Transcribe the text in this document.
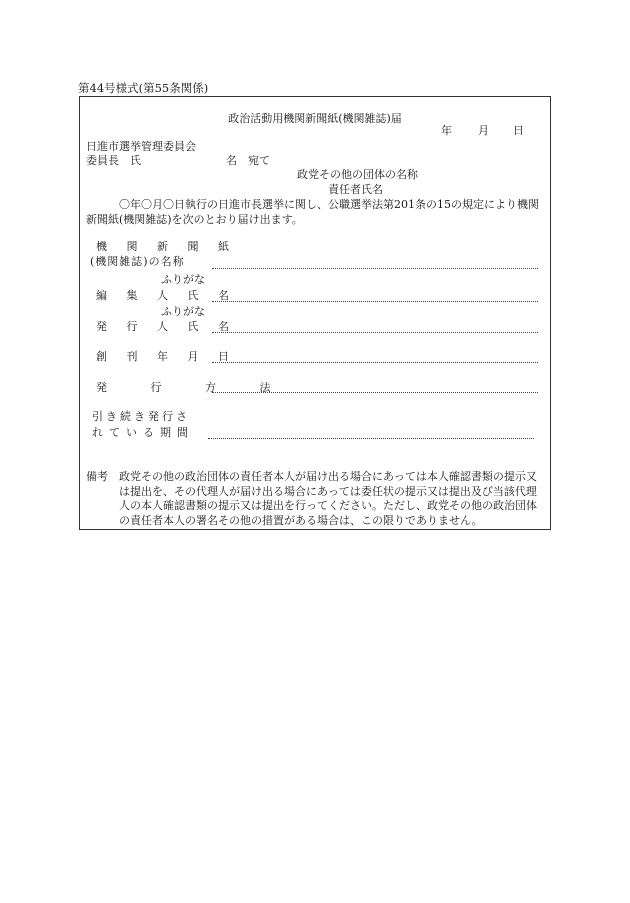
第44号様式(第55条関係)
政治活動用機関新聞紙(機関雑誌)届
年 月 日
日進市選挙管理委員会
委員長　氏	名　宛て
政党その他の団体の名称
責任者氏名
〇年〇月〇日執行の日進市長選挙に関し、公職選挙法第201条の15の規定により機関新聞紙(機関雑誌)を次のとおり届け出ます。
機 関 新 聞 紙
(機関雑誌)の名称
ふりがな
編 集 人 氏 名
ふりがな
発 行 人 氏 名
創 刊 年 月 日
発 行 方 法
引き続き発行さ
れている期間
備考 政党その他の政治団体の責任者本人が届け出る場合にあっては本人確認書類の提示又は提出を、その代理人が届け出る場合にあっては委任状の提示又は提出及び当該代理人の本人確認書類の提示又は提出を行ってください。ただし、政党その他の政治団体の責任者本人の署名その他の措置がある場合は、この限りでありません。
